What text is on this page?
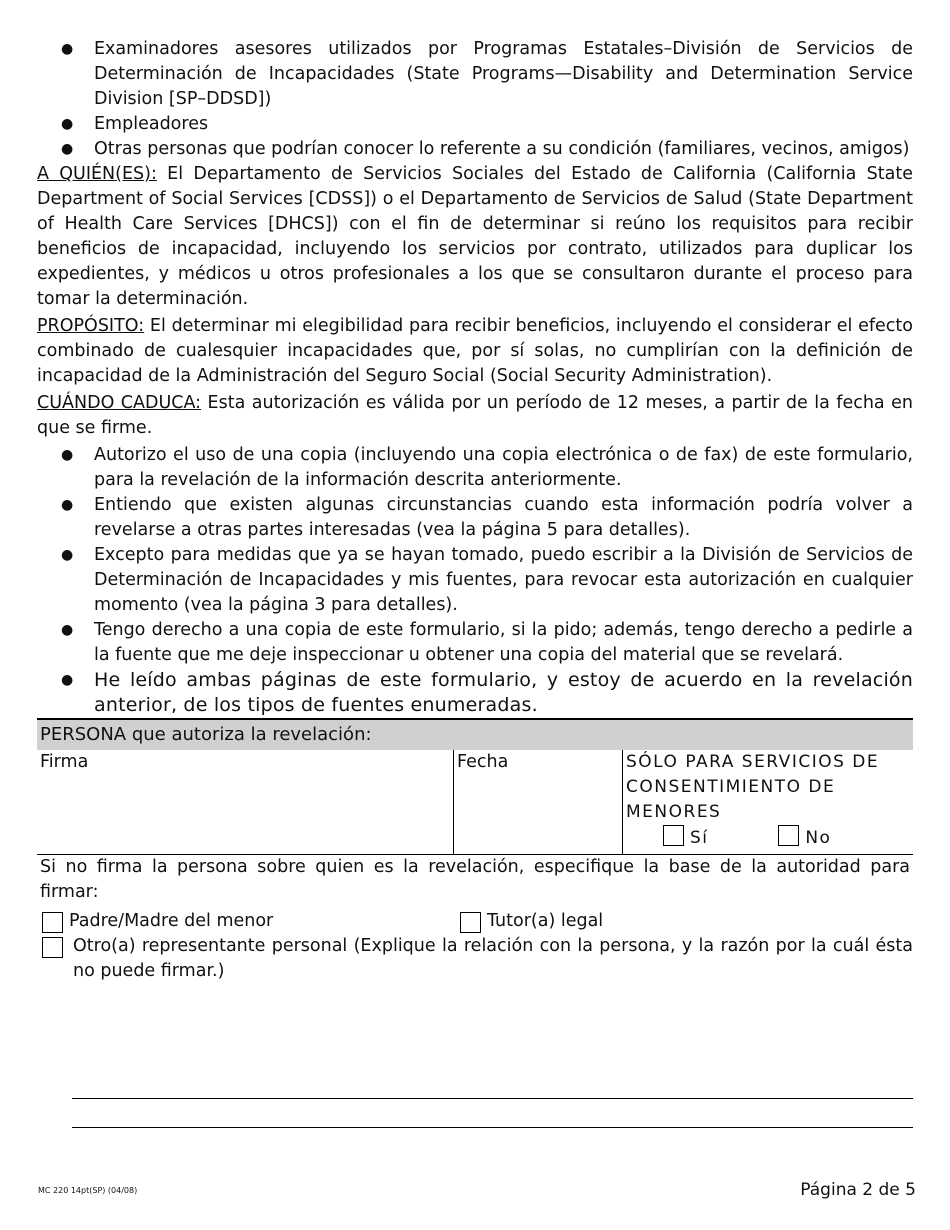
● Examinadores asesores utilizados por Programas Estatales–División de Servicios de Determinación de Incapacidades (State Programs—Disability and Determination Service Division [SP–DDSD])
● Empleadores
● Otras personas que podrían conocer lo referente a su condición (familiares, vecinos, amigos)

A QUIÉN(ES): El Departamento de Servicios Sociales del Estado de California (California State Department of Social Services [CDSS]) o el Departamento de Servicios de Salud (State Department of Health Care Services [DHCS]) con el fin de determinar si reúno los requisitos para recibir beneficios de incapacidad, incluyendo los servicios por contrato, utilizados para duplicar los expedientes, y médicos u otros profesionales a los que se consultaron durante el proceso para tomar la determinación.

PROPÓSITO: El determinar mi elegibilidad para recibir beneficios, incluyendo el considerar el efecto combinado de cualesquier incapacidades que, por sí solas, no cumplirían con la definición de incapacidad de la Administración del Seguro Social (Social Security Administration).

CUÁNDO CADUCA: Esta autorización es válida por un período de 12 meses, a partir de la fecha en que se firme.

● Autorizo el uso de una copia (incluyendo una copia electrónica o de fax) de este formulario, para la revelación de la información descrita anteriormente.
● Entiendo que existen algunas circunstancias cuando esta información podría volver a revelarse a otras partes interesadas (vea la página 5 para detalles).
● Excepto para medidas que ya se hayan tomado, puedo escribir a la División de Servicios de Determinación de Incapacidades y mis fuentes, para revocar esta autorización en cualquier momento (vea la página 3 para detalles).
● Tengo derecho a una copia de este formulario, si la pido; además, tengo derecho a pedirle a la fuente que me deje inspeccionar u obtener una copia del material que se revelará.
● He leído ambas páginas de este formulario, y estoy de acuerdo en la revelación anterior, de los tipos de fuentes enumeradas.
PERSONA que autoriza la revelación:
Firma	Fecha	SÓLO PARA SERVICIOS DE CONSENTIMIENTO DE MENORES
Sí	No
Si no firma la persona sobre quien es la revelación, especifique la base de la autoridad para firmar:
Padre/Madre del menor	Tutor(a) legal
Otro(a) representante personal (Explique la relación con la persona, y la razón por la cuál ésta no puede firmar.)
MC 220 14pt(SP) (04/08)	Página 2 de 5
